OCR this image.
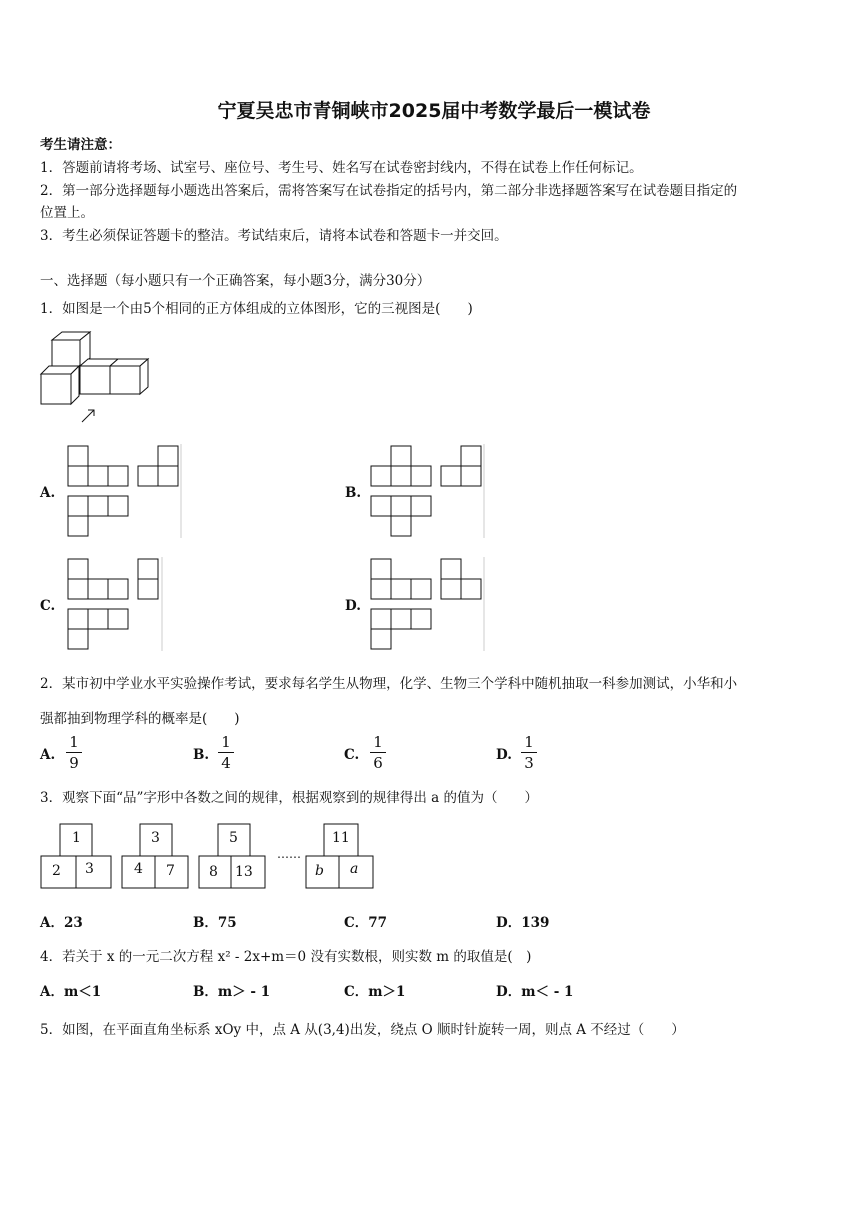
宁夏吴忠市青铜峡市2025届中考数学最后一模试卷
考生请注意：
1．答题前请将考场、试室号、座位号、考生号、姓名写在试卷密封线内，不得在试卷上作任何标记。
2．第一部分选择题每小题选出答案后，需将答案写在试卷指定的括号内，第二部分非选择题答案写在试卷题目指定的
位置上。
3．考生必须保证答题卡的整洁。考试结束后，请将本试卷和答题卡一并交回。
一、选择题（每小题只有一个正确答案，每小题3分，满分30分）
1．如图是一个由5个相同的正方体组成的立体图形，它的三视图是(　　)
A.	B.
C.	D.
2．某市初中学业水平实验操作考试，要求每名学生从物理，化学、生物三个学科中随机抽取一科参加测试，小华和小
强都抽到物理学科的概率是(　　)
A.
1
9	B.
1
4	C.
1
6	D.
1
3
3．观察下面“品”字形中各数之间的规律，根据观察到的规律得出 a 的值为（　　）
1
2 3
3
4 7
5
8 13
……
11
b a
A．23	B．75	C．77	D．139
4．若关于 x 的一元二次方程 x² - 2x+m＝0 没有实数根，则实数 m 的取值是(　)
A．m＜1	B．m＞ - 1	C．m＞1	D．m＜ - 1
5．如图，在平面直角坐标系 xOy 中，点 A 从(3,4)出发，绕点 O 顺时针旋转一周，则点 A 不经过（　　）
